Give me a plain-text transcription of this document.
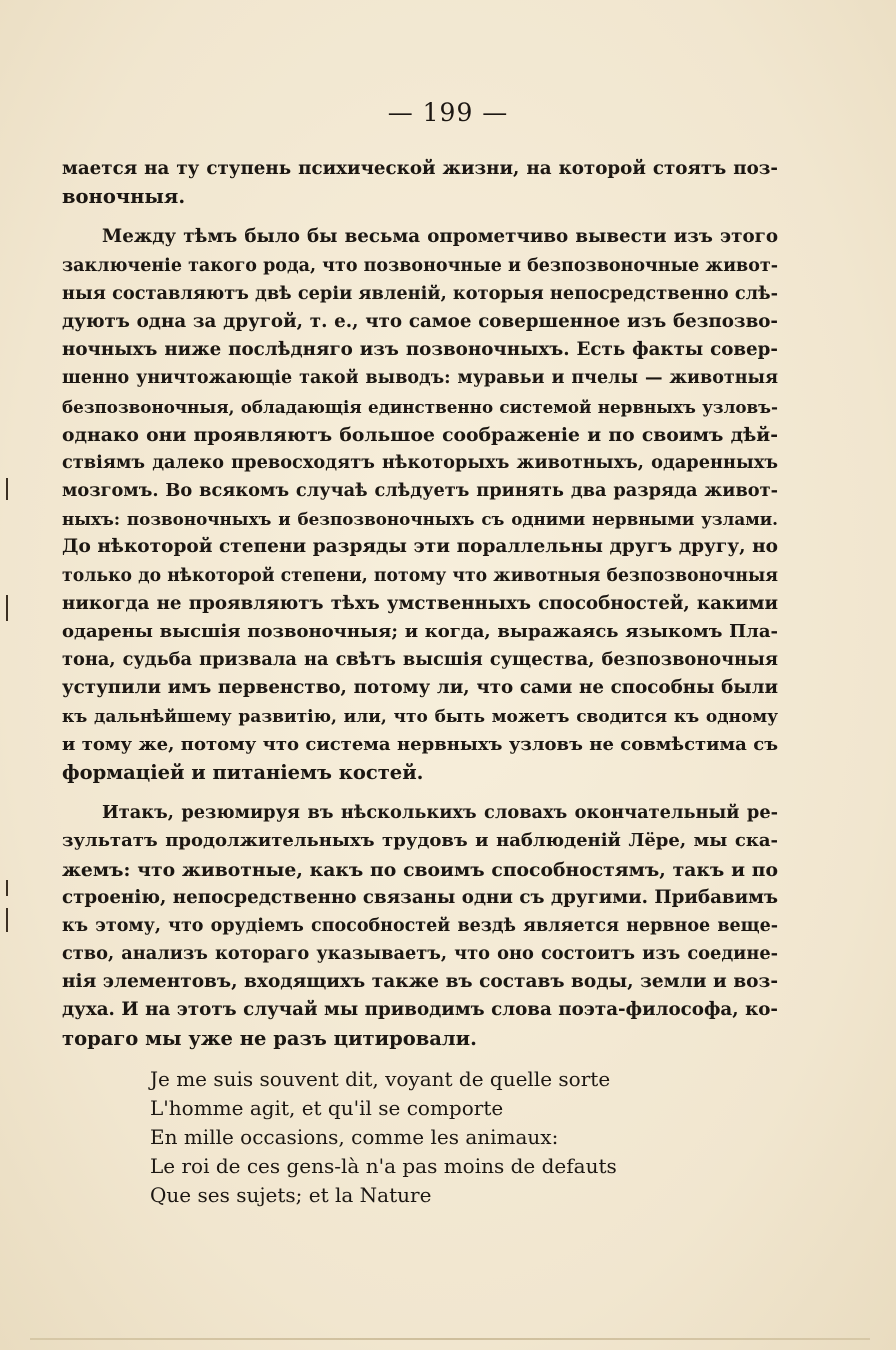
— 199 —
мается на ту ступень психической жизни, на которой стоятъ поз-
воночныя.
Между тѣмъ было бы весьма опрометчиво вывести изъ этого
заключенiе такого рода, что позвоночные и безпозвоночные живот-
ныя составляютъ двѣ серiи явленiй, которыя непосредственно слѣ-
дуютъ одна за другой, т. е., что самое совершенное изъ безпозво-
ночныхъ ниже послѣдняго изъ позвоночныхъ. Есть факты совер-
шенно уничтожающiе такой выводъ: муравьи и пчелы — животныя
безпозвоночныя, обладающiя единственно системой нервныхъ узловъ-
однако они проявляютъ большое соображенiе и по своимъ дѣй-
ствiямъ далеко превосходятъ нѣкоторыхъ животныхъ, одаренныхъ
мозгомъ. Во всякомъ случаѣ слѣдуетъ принять два разряда живот-
ныхъ: позвоночныхъ и безпозвоночныхъ съ одними нервными узлами.
До нѣкоторой степени разряды эти пораллельны другъ другу, но
только до нѣкоторой степени, потому что животныя безпозвоночныя
никогда не проявляютъ тѣхъ умственныхъ способностей, какими
одарены высшiя позвоночныя; и когда, выражаясь языкомъ Пла-
тона, судьба призвала на свѣтъ высшiя существа, безпозвоночныя
уступили имъ первенство, потому ли, что сами не способны были
къ дальнѣйшему развитiю, или, что быть можетъ сводится къ одному
и тому же, потому что система нервныхъ узловъ не совмѣстима съ
формацiей и питанiемъ костей.
Итакъ, резюмируя въ нѣсколькихъ словахъ окончательный ре-
зультатъ продолжительныхъ трудовъ и наблюденiй Лёре, мы ска-
жемъ: что животные, какъ по своимъ способностямъ, такъ и по
строенiю, непосредственно связаны одни съ другими. Прибавимъ
къ этому, что орудiемъ способностей вездѣ является нервное веще-
ство, анализъ котораго указываетъ, что оно состоитъ изъ соедине-
нiя элементовъ, входящихъ также въ составъ воды, земли и воз-
духа. И на этотъ случай мы приводимъ слова поэта-философа, ко-
тораго мы уже не разъ цитировали.
Je me suis souvent dit, voyant de quelle sorte
L'homme agit, et qu'il se comporte
En mille occasions, comme les animaux:
Le roi de ces gens-là n'a pas moins de defauts
Que ses sujets; et la Nature
